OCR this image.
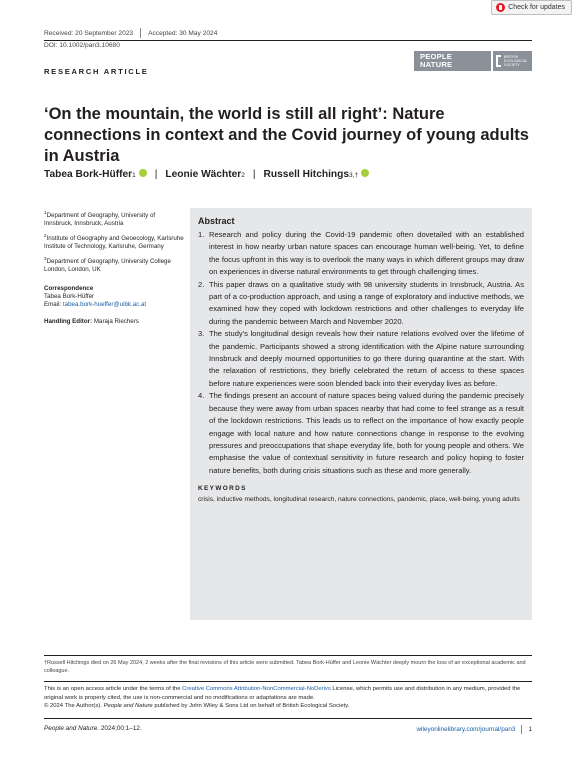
Check for updates
Received: 20 September 2023 Accepted: 30 May 2024
DOI: 10.1002/pan3.10680
RESEARCH ARTICLE
PEOPLE
NATURE
BRITISH ECOLOGICAL SOCIETY
‘On the mountain, the world is still all right’: Nature connections in context and the Covid journey of young adults in Austria
Tabea Bork-Hüffer 1 | Leonie Wächter 2 | Russell Hitchings 3,†

$^1$Department of Geography, University of Innsbruck, Innsbruck, Austria

$^2$Institute of Geography and Geoecology, Karlsruhe Institute of Technology, Karlsruhe, Germany

$^3$Department of Geography, University College London, London, UK

Correspondence

Tabea Bork-Hüffer

Email: tabea.bork-hueffer@uibk.ac.at

Handling Editor: Maraja Riechers

Abstract
1. Research and policy during the Covid-19 pandemic often dovetailed with an established interest in how nearby urban nature spaces can encourage human well-being. Yet, to define the focus upfront in this way is to overlook the many ways in which different groups may draw on experiences in diverse natural environments to get through challenging times.
2. This paper draws on a qualitative study with 98 university students in Innsbruck, Austria. As part of a co-production approach, and using a range of exploratory and inductive methods, we examined how they coped with lockdown restrictions and other challenges to everyday life during the pandemic between March and November 2020.
3. The study's longitudinal design reveals how their nature relations evolved over the lifetime of the pandemic. Participants showed a strong identification with the Alpine nature surrounding Innsbruck and deeply mourned opportunities to go there during quarantine at the start. With the relaxation of restrictions, they briefly celebrated the return of access to these spaces before nature experiences were soon blended back into their everyday lives as before.
4. The findings present an account of nature spaces being valued during the pandemic precisely because they were away from urban spaces nearby that had come to feel strange as a result of the lockdown restrictions. This leads us to reflect on the importance of how exactly people engage with local nature and how nature connections change in response to the evolving pressures and preoccupations that shape everyday life, both for young people and others. We emphasise the value of contextual sensitivity in future research and policy hoping to foster nature benefits, both during crisis situations such as these and more generally.
KEYWORDS
crisis, inductive methods, longitudinal research, nature connections, pandemic, place, well-being, young adults
†Russell Hitchings died on 26 May 2024, 2 weeks after the final revisions of this article were submitted. Tabea Bork-Hüffer and Leonie Wächter deeply mourn the loss of an exceptional academic and colleague.
This is an open access article under the terms of the Creative Commons Attribution-NonCommercial-NoDerivs License, which permits use and distribution in any medium, provided the original work is properly cited, the use is non-commercial and no modifications or adaptations are made.
© 2024 The Author(s). People and Nature published by John Wiley & Sons Ltd on behalf of British Ecological Society.
People and Nature. 2024;00:1–12.	wileyonlinelibrary.com/journal/pan3 1
